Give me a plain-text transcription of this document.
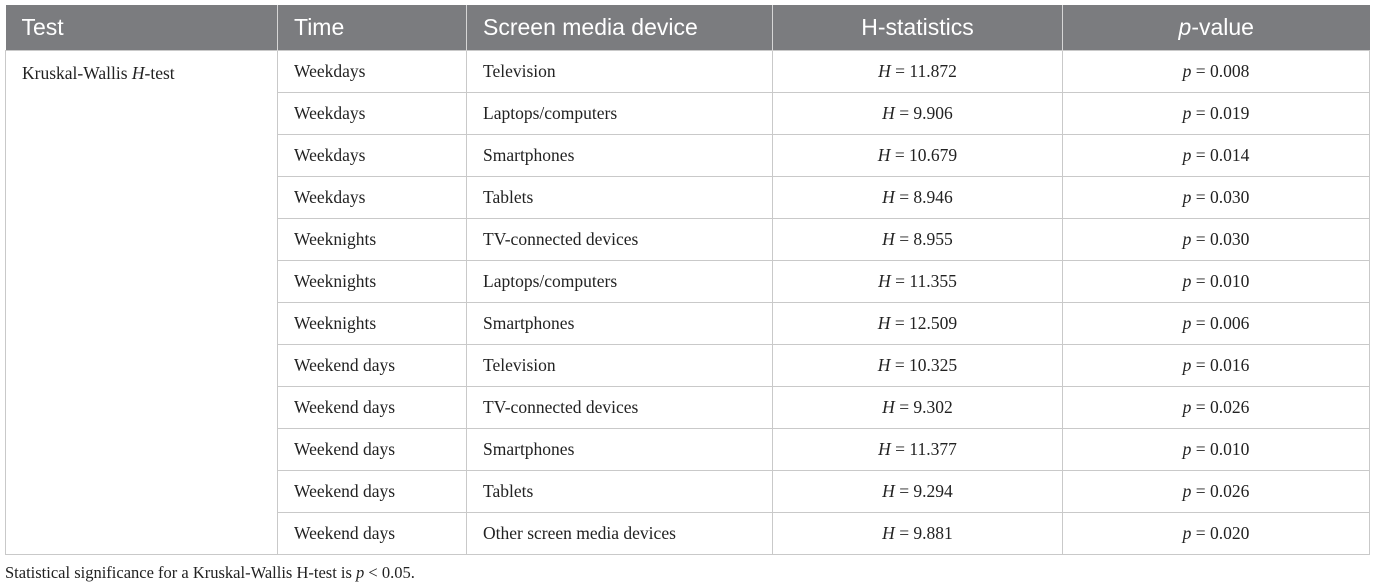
Test	Time	Screen media device	H-statistics	p-value
Kruskal-Wallis H-test	Weekdays	Television	H = 11.872	p = 0.008
	Weekdays	Laptops/computers	H = 9.906	p = 0.019
	Weekdays	Smartphones	H = 10.679	p = 0.014
	Weekdays	Tablets	H = 8.946	p = 0.030
	Weeknights	TV-connected devices	H = 8.955	p = 0.030
	Weeknights	Laptops/computers	H = 11.355	p = 0.010
	Weeknights	Smartphones	H = 12.509	p = 0.006
	Weekend days	Television	H = 10.325	p = 0.016
	Weekend days	TV-connected devices	H = 9.302	p = 0.026
	Weekend days	Smartphones	H = 11.377	p = 0.010
	Weekend days	Tablets	H = 9.294	p = 0.026
	Weekend days	Other screen media devices	H = 9.881	p = 0.020
Statistical significance for a Kruskal-Wallis H-test is p < 0.05.
